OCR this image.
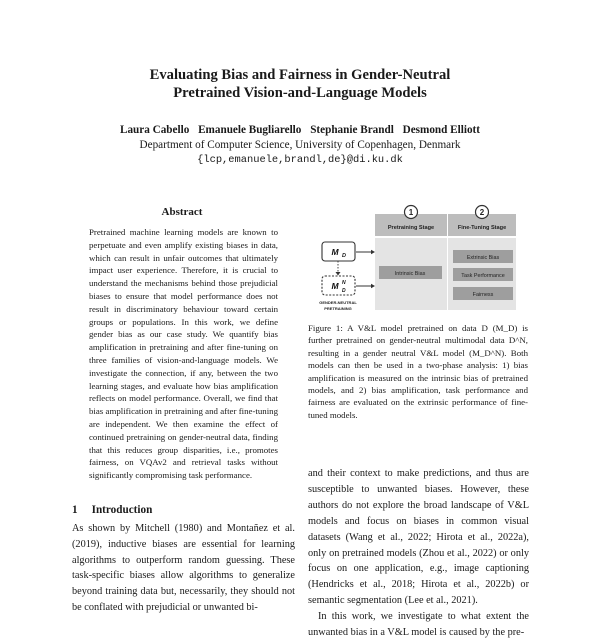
Evaluating Bias and Fairness in Gender-Neutral
Pretrained Vision-and-Language Models
Laura Cabello Emanuele Bugliarello Stephanie Brandl Desmond Elliott
Department of Computer Science, University of Copenhagen, Denmark
{lcp,emanuele,brandl,de}@di.ku.dk
Abstract

Pretrained machine learning models are known to perpetuate and even amplify existing biases in data, which can result in unfair outcomes that ultimately impact user experience. Therefore, it is crucial to understand the mechanisms behind those prejudicial biases to ensure that model performance does not result in discriminatory behaviour toward certain groups or populations. In this work, we define gender bias as our case study. We quantify bias amplification in pretraining and after fine-tuning on three families of vision-and-language models. We investigate the connection, if any, between the two learning stages, and evaluate how bias amplification reflects on model performance. Overall, we find that bias amplification in pretraining and after fine-tuning are independent. We then examine the effect of continued pretraining on gender-neutral data, finding that this reduces group disparities, i.e., promotes fairness, on VQAv2 and retrieval tasks without significantly compromising task performance.

1 Introduction
As shown by Mitchell (1980) and Montañez et al. (2019), inductive biases are essential for learning algorithms to outperform random guessing. These task-specific biases allow algorithms to generalize beyond training data but, necessarily, they should not be conflated with prejudicial or unwanted bi-
Pretraining Stage	Fine-Tuning Stage
1	2
Intrinsic Bias
Extrinsic Bias
Task Performance
Fairness
M D
M N
D
GENDER-NEUTRAL
PRETRAINING
Figure 1: A V&L model pretrained on data D (M_D) is further pretrained on gender-neutral multimodal data D^N, resulting in a gender neutral V&L model (M_D^N). Both models can then be used in a two-phase analysis: 1) bias amplification is measured on the intrinsic bias of pretrained models, and 2) bias amplification, task performance and fairness are evaluated on the extrinsic performance of fine-tuned models.

and their context to make predictions, and thus are susceptible to unwanted biases. However, these authors do not explore the broad landscape of V&L models and focus on biases in common visual datasets (Wang et al., 2022; Hirota et al., 2022a), only on pretrained models (Zhou et al., 2022) or only focus on one application, e.g., image captioning (Hendricks et al., 2018; Hirota et al., 2022b) or semantic segmentation (Lee et al., 2021).

In this work, we investigate to what extent the unwanted bias in a V&L model is caused by the pre-
